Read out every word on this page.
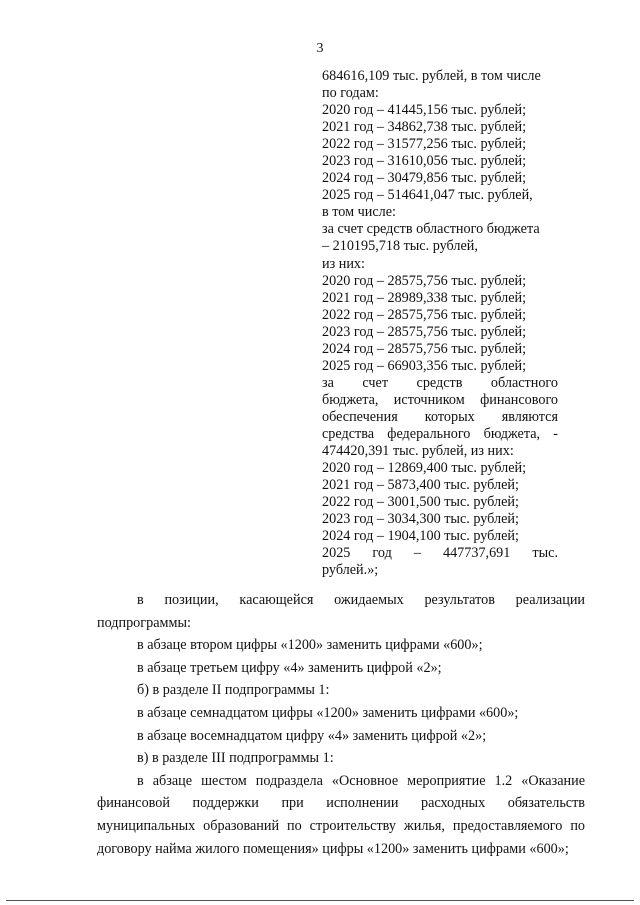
3
684616,109 тыс. рублей, в том числе
по годам:
2020 год – 41445,156 тыс. рублей;
2021 год – 34862,738 тыс. рублей;
2022 год – 31577,256 тыс. рублей;
2023 год – 31610,056 тыс. рублей;
2024 год – 30479,856 тыс. рублей;
2025 год – 514641,047 тыс. рублей,
в том числе:
за счет средств областного бюджета
– 210195,718 тыс. рублей,
из них:
2020 год – 28575,756 тыс. рублей;
2021 год – 28989,338 тыс. рублей;
2022 год – 28575,756 тыс. рублей;
2023 год – 28575,756 тыс. рублей;
2024 год – 28575,756 тыс. рублей;
2025 год – 66903,356 тыс. рублей;
за счет средств областного
бюджета, источником финансового
обеспечения которых являются
средства федерального бюджета, -
474420,391 тыс. рублей, из них:
2020 год – 12869,400 тыс. рублей;
2021 год – 5873,400 тыс. рублей;
2022 год – 3001,500 тыс. рублей;
2023 год – 3034,300 тыс. рублей;
2024 год – 1904,100 тыс. рублей;
2025 год – 447737,691 тыс.
рублей.»;

в позиции, касающейся ожидаемых результатов реализации подпрограммы:

в абзаце втором цифры «1200» заменить цифрами «600»;

в абзаце третьем цифру «4» заменить цифрой «2»;

б) в разделе II подпрограммы 1:

в абзаце семнадцатом цифры «1200» заменить цифрами «600»;

в абзаце восемнадцатом цифру «4» заменить цифрой «2»;

в) в разделе III подпрограммы 1:

в абзаце шестом подраздела «Основное мероприятие 1.2 «Оказание финансовой поддержки при исполнении расходных обязательств муниципальных образований по строительству жилья, предоставляемого по договору найма жилого помещения» цифры «1200» заменить цифрами «600»;
